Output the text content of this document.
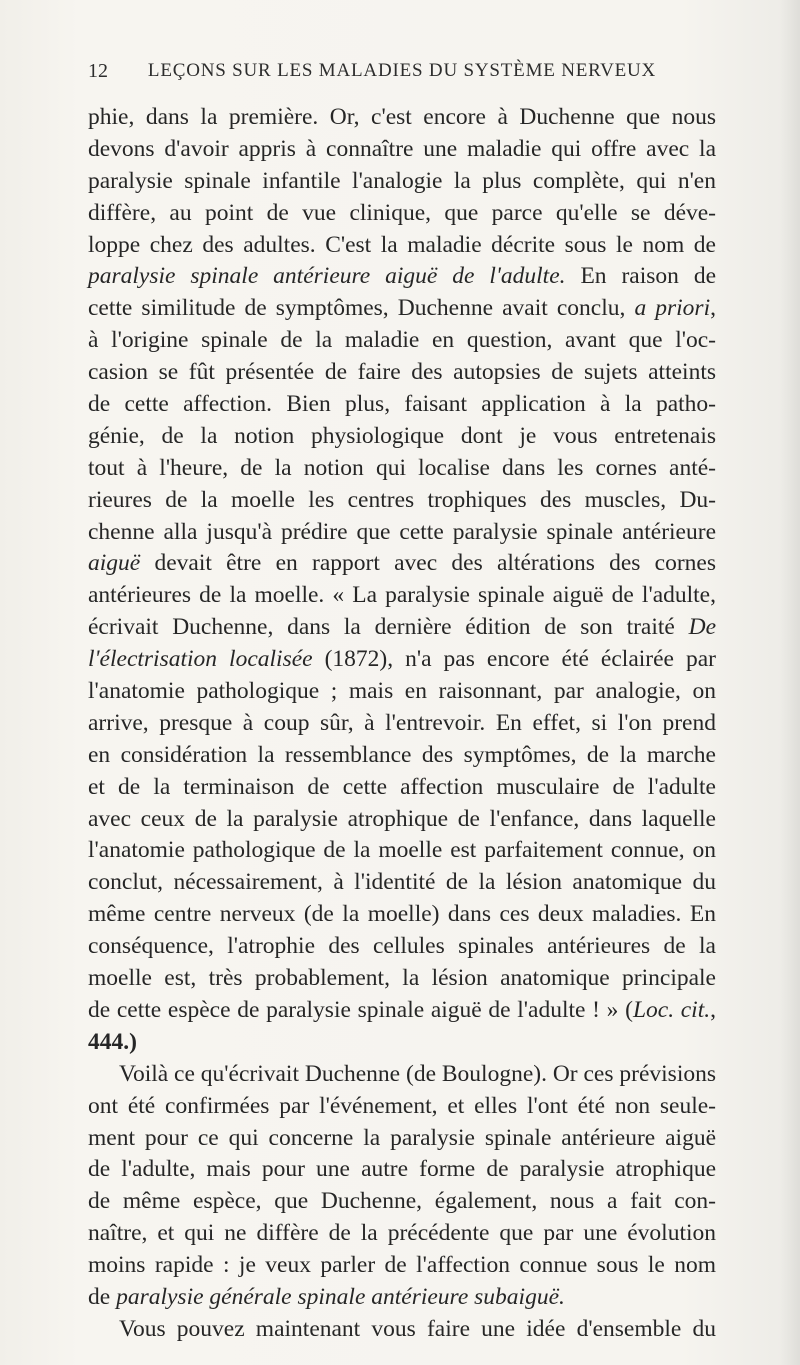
12	LEÇONS SUR LES MALADIES DU SYSTÈME NERVEUX
phie, dans la première. Or, c'est encore à Duchenne que nous
devons d'avoir appris à connaître une maladie qui offre avec la
paralysie spinale infantile l'analogie la plus complète, qui n'en
diffère, au point de vue clinique, que parce qu'elle se déve-
loppe chez des adultes. C'est la maladie décrite sous le nom de
paralysie spinale antérieure aiguë de l'adulte. En raison de
cette similitude de symptômes, Duchenne avait conclu, a priori,
à l'origine spinale de la maladie en question, avant que l'oc-
casion se fût présentée de faire des autopsies de sujets atteints
de cette affection. Bien plus, faisant application à la patho-
génie, de la notion physiologique dont je vous entretenais
tout à l'heure, de la notion qui localise dans les cornes anté-
rieures de la moelle les centres trophiques des muscles, Du-
chenne alla jusqu'à prédire que cette paralysie spinale antérieure
aiguë devait être en rapport avec des altérations des cornes
antérieures de la moelle. « La paralysie spinale aiguë de l'adulte,
écrivait Duchenne, dans la dernière édition de son traité De
l'électrisation localisée (1872), n'a pas encore été éclairée par
l'anatomie pathologique ; mais en raisonnant, par analogie, on
arrive, presque à coup sûr, à l'entrevoir. En effet, si l'on prend
en considération la ressemblance des symptômes, de la marche
et de la terminaison de cette affection musculaire de l'adulte
avec ceux de la paralysie atrophique de l'enfance, dans laquelle
l'anatomie pathologique de la moelle est parfaitement connue, on
conclut, nécessairement, à l'identité de la lésion anatomique du
même centre nerveux (de la moelle) dans ces deux maladies. En
conséquence, l'atrophie des cellules spinales antérieures de la
moelle est, très probablement, la lésion anatomique principale
de cette espèce de paralysie spinale aiguë de l'adulte ! » (Loc. cit.,
444.)
Voilà ce qu'écrivait Duchenne (de Boulogne). Or ces prévisions
ont été confirmées par l'événement, et elles l'ont été non seule-
ment pour ce qui concerne la paralysie spinale antérieure aiguë
de l'adulte, mais pour une autre forme de paralysie atrophique
de même espèce, que Duchenne, également, nous a fait con-
naître, et qui ne diffère de la précédente que par une évolution
moins rapide : je veux parler de l'affection connue sous le nom
de paralysie générale spinale antérieure subaiguë.
Vous pouvez maintenant vous faire une idée d'ensemble du
